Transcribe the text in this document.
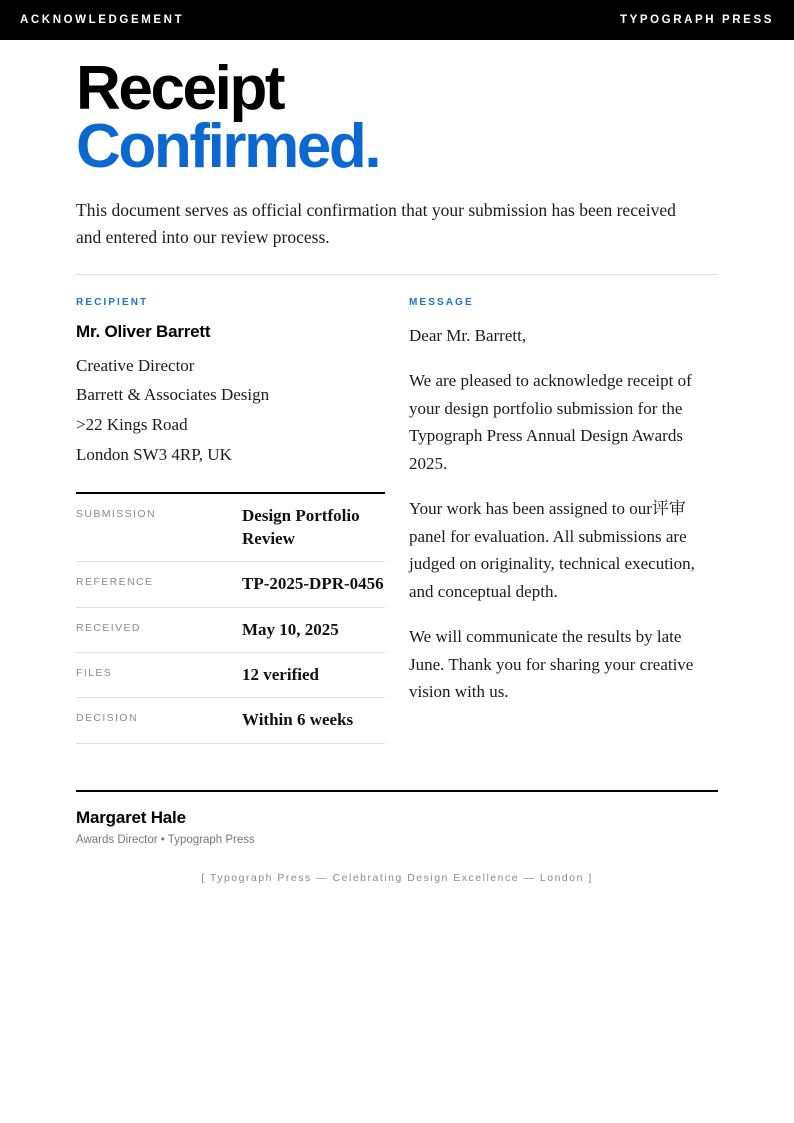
ACKNOWLEDGEMENT	TYPOGRAPH PRESS
Receipt
Confirmed.
This document serves as official confirmation that your submission has been received and entered into our review process.
RECIPIENT
Mr. Oliver Barrett
Creative Director
Barrett & Associates Design
>22 Kings Road
London SW3 4RP, UK
SUBMISSION	Design Portfolio Review
REFERENCE	TP-2025-DPR-0456
RECEIVED	May 10, 2025
FILES	12 verified
DECISION	Within 6 weeks
MESSAGE

Dear Mr. Barrett,

We are pleased to acknowledge receipt of your design portfolio submission for the Typograph Press Annual Design Awards 2025.

Your work has been assigned to our评审 panel for evaluation. All submissions are judged on originality, technical execution, and conceptual depth.

We will communicate the results by late June. Thank you for sharing your creative vision with us.

Margaret Hale
Awards Director • Typograph Press
[ Typograph Press — Celebrating Design Excellence — London ]
